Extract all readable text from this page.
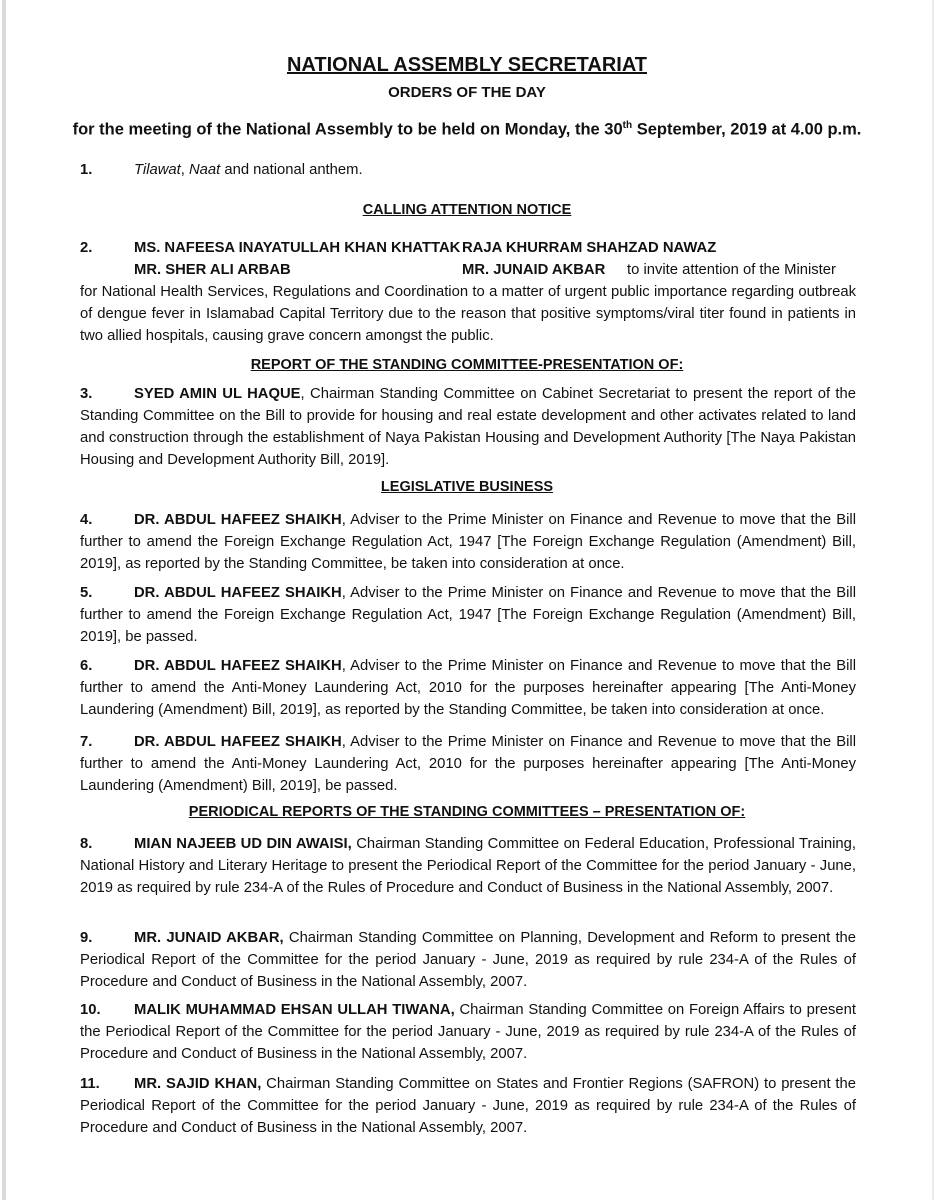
NATIONAL ASSEMBLY SECRETARIAT
ORDERS OF THE DAY
for the meeting of the National Assembly to be held on Monday, the 30th September, 2019 at 4.00 p.m.
1.	Tilawat, Naat and national anthem.
CALLING ATTENTION NOTICE
2.	MS. NAFEESA INAYATULLAH KHAN KHATTAK RAJA KHURRAM SHAHZAD NAWAZ
MR. SHER ALI ARBAB	MR. JUNAID AKBAR to invite attention of the Minister
for National Health Services, Regulations and Coordination to a matter of urgent public importance regarding outbreak of dengue fever in Islamabad Capital Territory due to the reason that positive symptoms/viral titer found in patients in two allied hospitals, causing grave concern amongst the public.
REPORT OF THE STANDING COMMITTEE-PRESENTATION OF:
3.	SYED AMIN UL HAQUE, Chairman Standing Committee on Cabinet Secretariat to present the report of the Standing Committee on the Bill to provide for housing and real estate development and other activates related to land and construction through the establishment of Naya Pakistan Housing and Development Authority [The Naya Pakistan Housing and Development Authority Bill, 2019].
LEGISLATIVE BUSINESS
4.	DR. ABDUL HAFEEZ SHAIKH, Adviser to the Prime Minister on Finance and Revenue to move that the Bill further to amend the Foreign Exchange Regulation Act, 1947 [The Foreign Exchange Regulation (Amendment) Bill, 2019], as reported by the Standing Committee, be taken into consideration at once.
5.	DR. ABDUL HAFEEZ SHAIKH, Adviser to the Prime Minister on Finance and Revenue to move that the Bill further to amend the Foreign Exchange Regulation Act, 1947 [The Foreign Exchange Regulation (Amendment) Bill, 2019], be passed.
6.	DR. ABDUL HAFEEZ SHAIKH, Adviser to the Prime Minister on Finance and Revenue to move that the Bill further to amend the Anti-Money Laundering Act, 2010 for the purposes hereinafter appearing [The Anti-Money Laundering (Amendment) Bill, 2019], as reported by the Standing Committee, be taken into consideration at once.
7.	DR. ABDUL HAFEEZ SHAIKH, Adviser to the Prime Minister on Finance and Revenue to move that the Bill further to amend the Anti-Money Laundering Act, 2010 for the purposes hereinafter appearing [The Anti-Money Laundering (Amendment) Bill, 2019], be passed.
PERIODICAL REPORTS OF THE STANDING COMMITTEES – PRESENTATION OF:
8.	MIAN NAJEEB UD DIN AWAISI, Chairman Standing Committee on Federal Education, Professional Training, National History and Literary Heritage to present the Periodical Report of the Committee for the period January - June, 2019 as required by rule 234-A of the Rules of Procedure and Conduct of Business in the National Assembly, 2007.
9.	MR. JUNAID AKBAR, Chairman Standing Committee on Planning, Development and Reform to present the Periodical Report of the Committee for the period January - June, 2019 as required by rule 234-A of the Rules of Procedure and Conduct of Business in the National Assembly, 2007.
10. MALIK MUHAMMAD EHSAN ULLAH TIWANA, Chairman Standing Committee on Foreign Affairs to present the Periodical Report of the Committee for the period January - June, 2019 as required by rule 234-A of the Rules of Procedure and Conduct of Business in the National Assembly, 2007.
11. MR. SAJID KHAN, Chairman Standing Committee on States and Frontier Regions (SAFRON) to present the Periodical Report of the Committee for the period January - June, 2019 as required by rule 234-A of the Rules of Procedure and Conduct of Business in the National Assembly, 2007.
